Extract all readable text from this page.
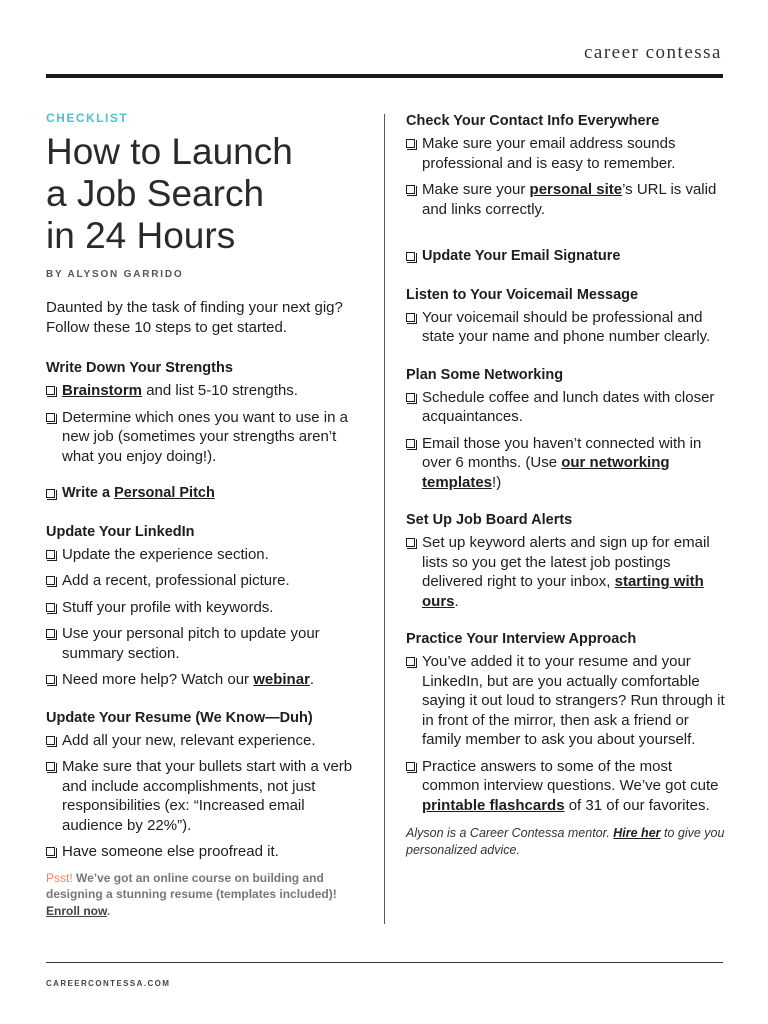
career contessa
CHECKLIST
How to Launch
a Job Search
in 24 Hours
BY ALYSON GARRIDO

Daunted by the task of finding your next gig? Follow these 10 steps to get started.

Write Down Your Strengths
Brainstorm and list 5-10 strengths.
Determine which ones you want to use in a new job (sometimes your strengths aren’t what you enjoy doing!).
Write a Personal Pitch
Update Your LinkedIn
Update the experience section.
Add a recent, professional picture.
Stuff your profile with keywords.
Use your personal pitch to update your summary section.
Need more help? Watch our webinar.
Update Your Resume (We Know—Duh)
Add all your new, relevant experience.
Make sure that your bullets start with a verb and include accomplishments, not just responsibilities (ex: “Increased email audience by 22%”).
Have someone else proofread it.

Psst! We’ve got an online course on building and designing a stunning resume (templates included)! Enroll now.

Check Your Contact Info Everywhere
Make sure your email address sounds professional and is easy to remember.
Make sure your personal site’s URL is valid and links correctly.
Update Your Email Signature
Listen to Your Voicemail Message
Your voicemail should be professional and state your name and phone number clearly.
Plan Some Networking
Schedule coffee and lunch dates with closer acquaintances.
Email those you haven’t connected with in over 6 months. (Use our networking templates!)
Set Up Job Board Alerts
Set up keyword alerts and sign up for email lists so you get the latest job postings delivered right to your inbox, starting with ours.
Practice Your Interview Approach
You’ve added it to your resume and your LinkedIn, but are you actually comfortable saying it out loud to strangers? Run through it in front of the mirror, then ask a friend or family member to ask you about yourself.
Practice answers to some of the most common interview questions. We’ve got cute printable flashcards of 31 of our favorites.

Alyson is a Career Contessa mentor. Hire her to give you personalized advice.

CAREERCONTESSA.COM
